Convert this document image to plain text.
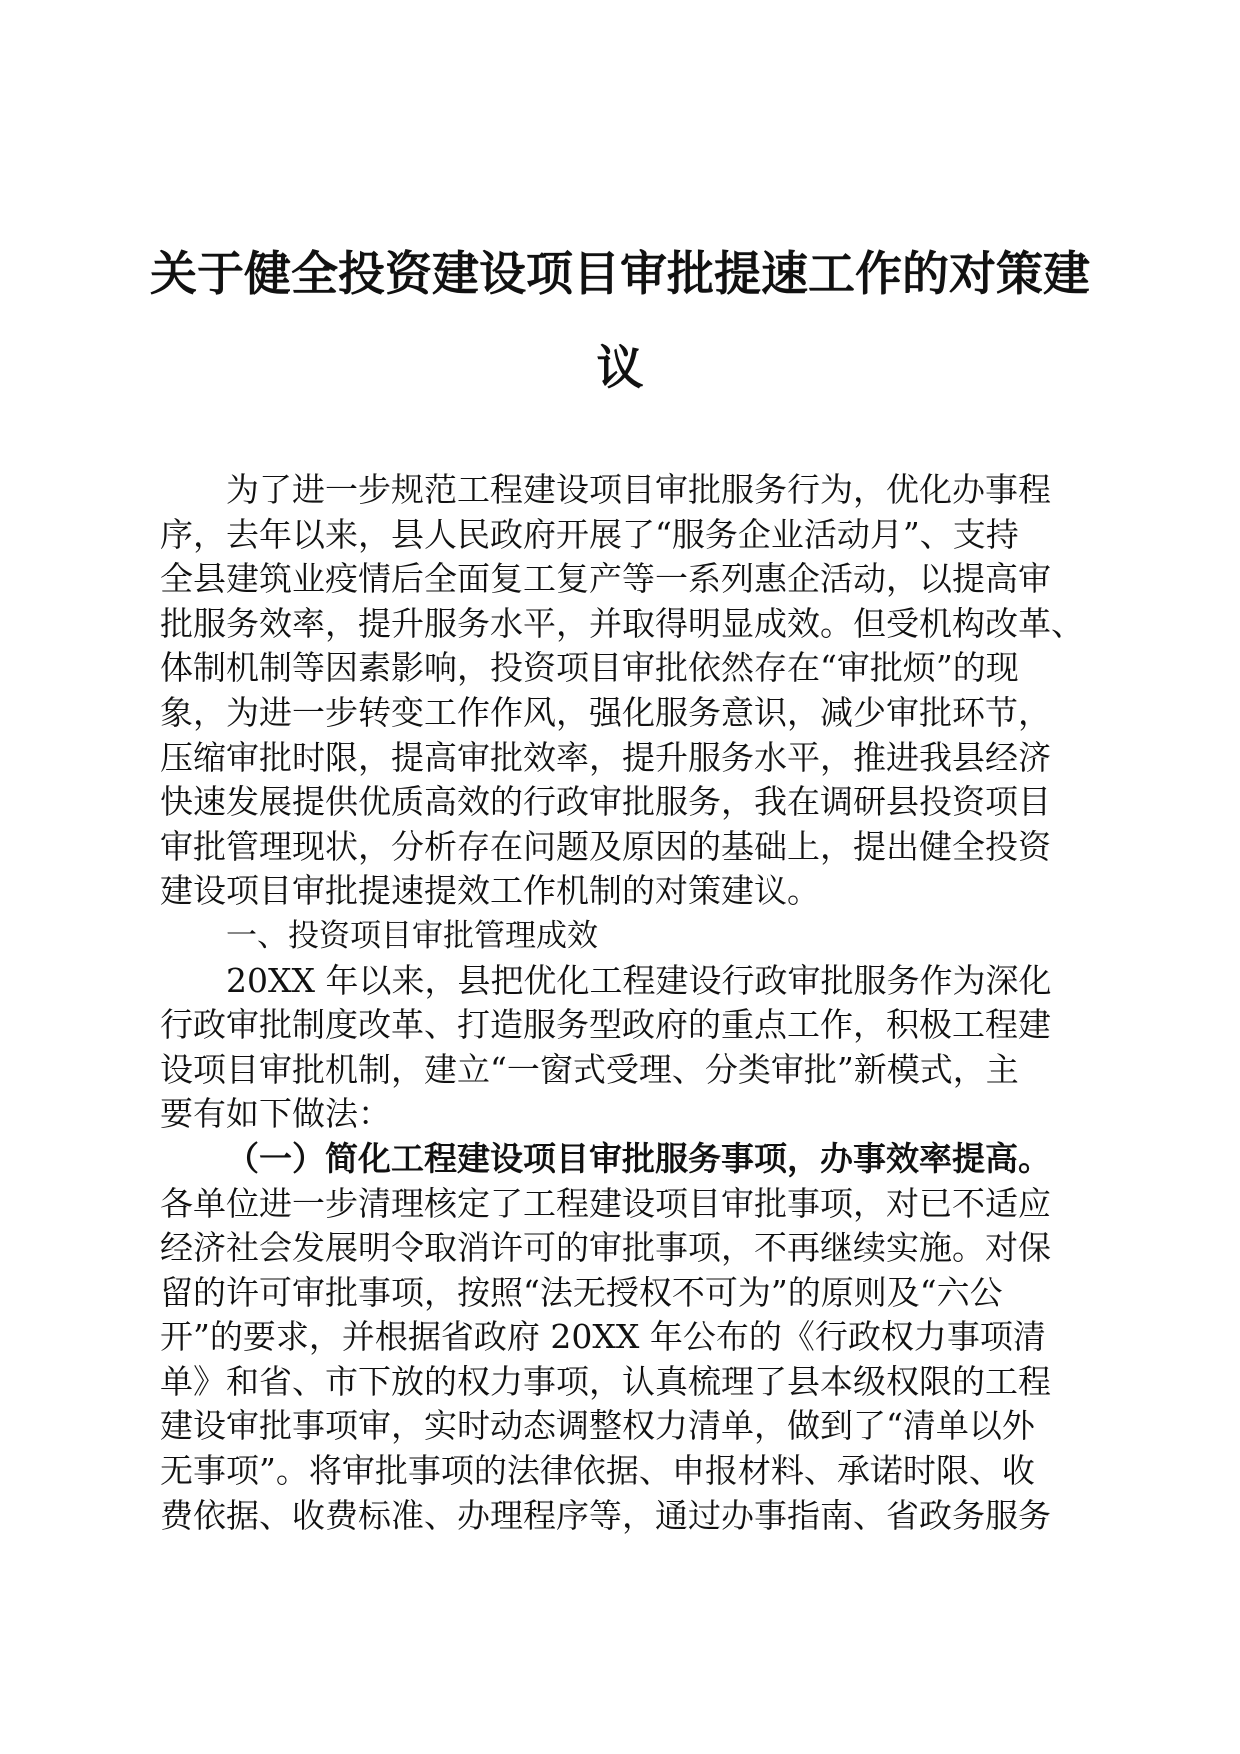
关于健全投资建设项目审批提速工作的对策建议
为了进一步规范工程建设项目审批服务行为，优化办事程
序，去年以来，县人民政府开展了“服务企业活动月”、支持
全县建筑业疫情后全面复工复产等一系列惠企活动，以提高审
批服务效率，提升服务水平，并取得明显成效。但受机构改革、
体制机制等因素影响，投资项目审批依然存在“审批烦”的现
象，为进一步转变工作作风，强化服务意识，减少审批环节，
压缩审批时限，提高审批效率，提升服务水平，推进我县经济
快速发展提供优质高效的行政审批服务，我在调研县投资项目
审批管理现状，分析存在问题及原因的基础上，提出健全投资
建设项目审批提速提效工作机制的对策建议。
一、投资项目审批管理成效
20XX 年以来，县把优化工程建设行政审批服务作为深化
行政审批制度改革、打造服务型政府的重点工作，积极工程建
设项目审批机制，建立“一窗式受理、分类审批”新模式，主
要有如下做法：
（一）简化工程建设项目审批服务事项，办事效率提高。
各单位进一步清理核定了工程建设项目审批事项，对已不适应
经济社会发展明令取消许可的审批事项，不再继续实施。对保
留的许可审批事项，按照“法无授权不可为”的原则及“六公
开”的要求，并根据省政府 20XX 年公布的《行政权力事项清
单》和省、市下放的权力事项，认真梳理了县本级权限的工程
建设审批事项审，实时动态调整权力清单，做到了“清单以外
无事项”。将审批事项的法律依据、申报材料、承诺时限、收
费依据、收费标准、办理程序等，通过办事指南、省政务服务
